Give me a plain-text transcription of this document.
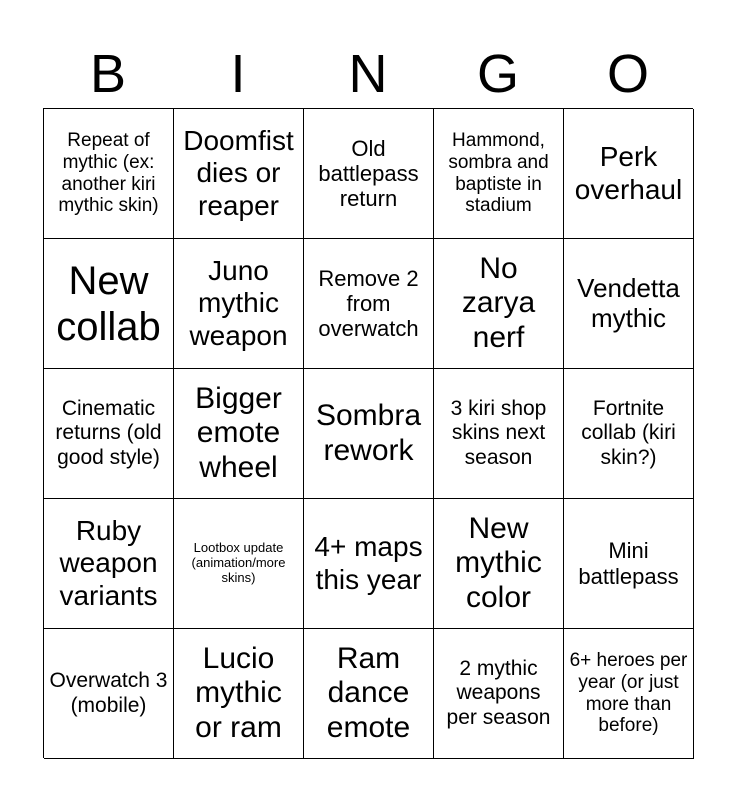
B	I	N	G	O
Repeat of mythic (ex: another kiri mythic skin)
Doomfist dies or reaper
Old battlepass return
Hammond, sombra and baptiste in stadium
Perk overhaul
New collab
Juno mythic weapon
Remove 2 from overwatch
No zarya nerf
Vendetta mythic
Cinematic returns (old good style)
Bigger emote wheel
Sombra rework
3 kiri shop skins next season
Fortnite collab (kiri skin?)
Ruby weapon variants
Lootbox update (animation/more skins)
4+ maps this year
New mythic color
Mini battlepass
Overwatch 3 (mobile)
Lucio mythic or ram
Ram dance emote
2 mythic weapons per season
6+ heroes per year (or just more than before)
